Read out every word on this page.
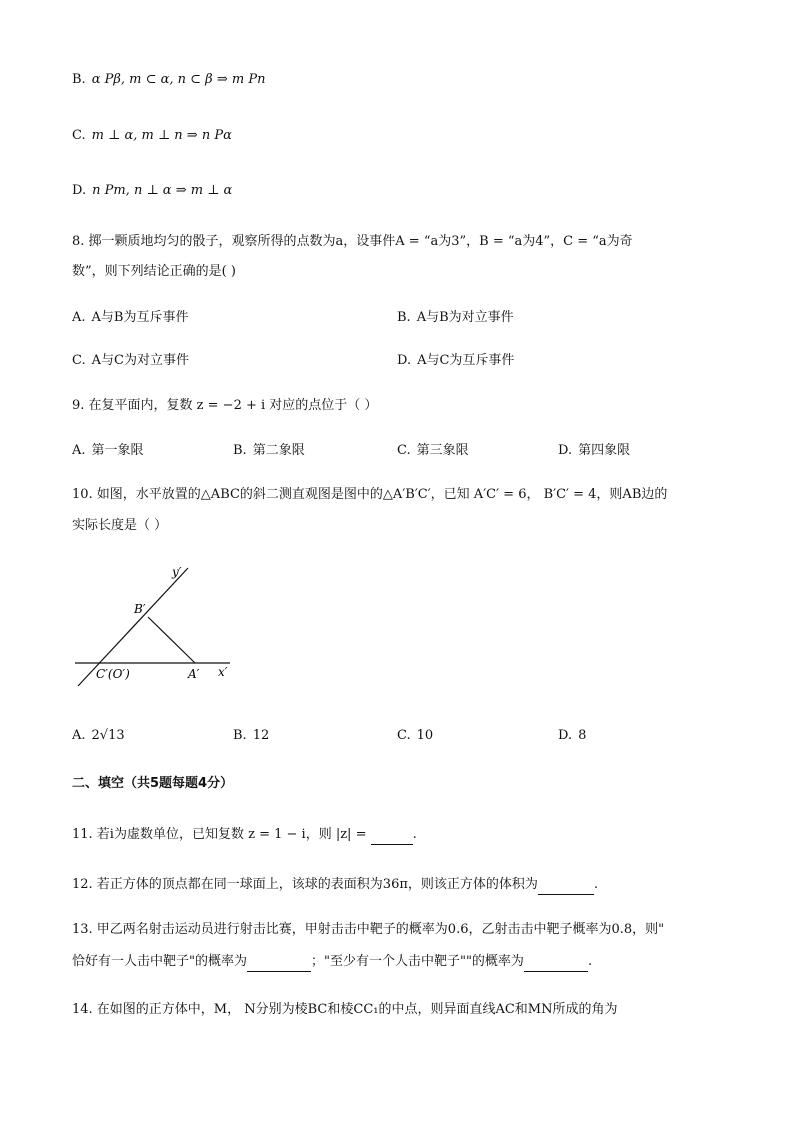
B. α Pβ, m ⊂ α, n ⊂ β ⇒ m Pn
C. m ⊥ α, m ⊥ n ⇒ n Pα
D. n Pm, n ⊥ α ⇒ m ⊥ α
8. 掷一颗质地均匀的骰子，观察所得的点数为a，设事件A = “a为3”，B = “a为4”，C = “a为奇
数”，则下列结论正确的是( )
A. A与B为互斥事件	B. A与B为对立事件
C. A与C为对立事件	D. A与C为互斥事件
9. 在复平面内，复数 z = −2 + i 对应的点位于（ ）
A. 第一象限	B. 第二象限	C. 第三象限	D. 第四象限
10. 如图，水平放置的△ABC的斜二测直观图是图中的△A′B′C′，已知 A′C′ = 6， B′C′ = 4，则AB边的
实际长度是（ ）
y′
x′
B′
A′
C′(O′)
A. 2√13	B. 12	C. 10	D. 8
二、填空（共5题每题4分）
11. 若i为虚数单位，已知复数 z = 1 − i，则 |z| =	.
12. 若正方体的顶点都在同一球面上，该球的表面积为36π，则该正方体的体积为	.
13. 甲乙两名射击运动员进行射击比赛，甲射击击中靶子的概率为0.6，乙射击击中靶子概率为0.8，则"
恰好有一人击中靶子"的概率为	；"至少有一个人击中靶子""的概率为	.
14. 在如图的正方体中，M， N分别为棱BC和棱CC₁的中点，则异面直线AC和MN所成的角为
